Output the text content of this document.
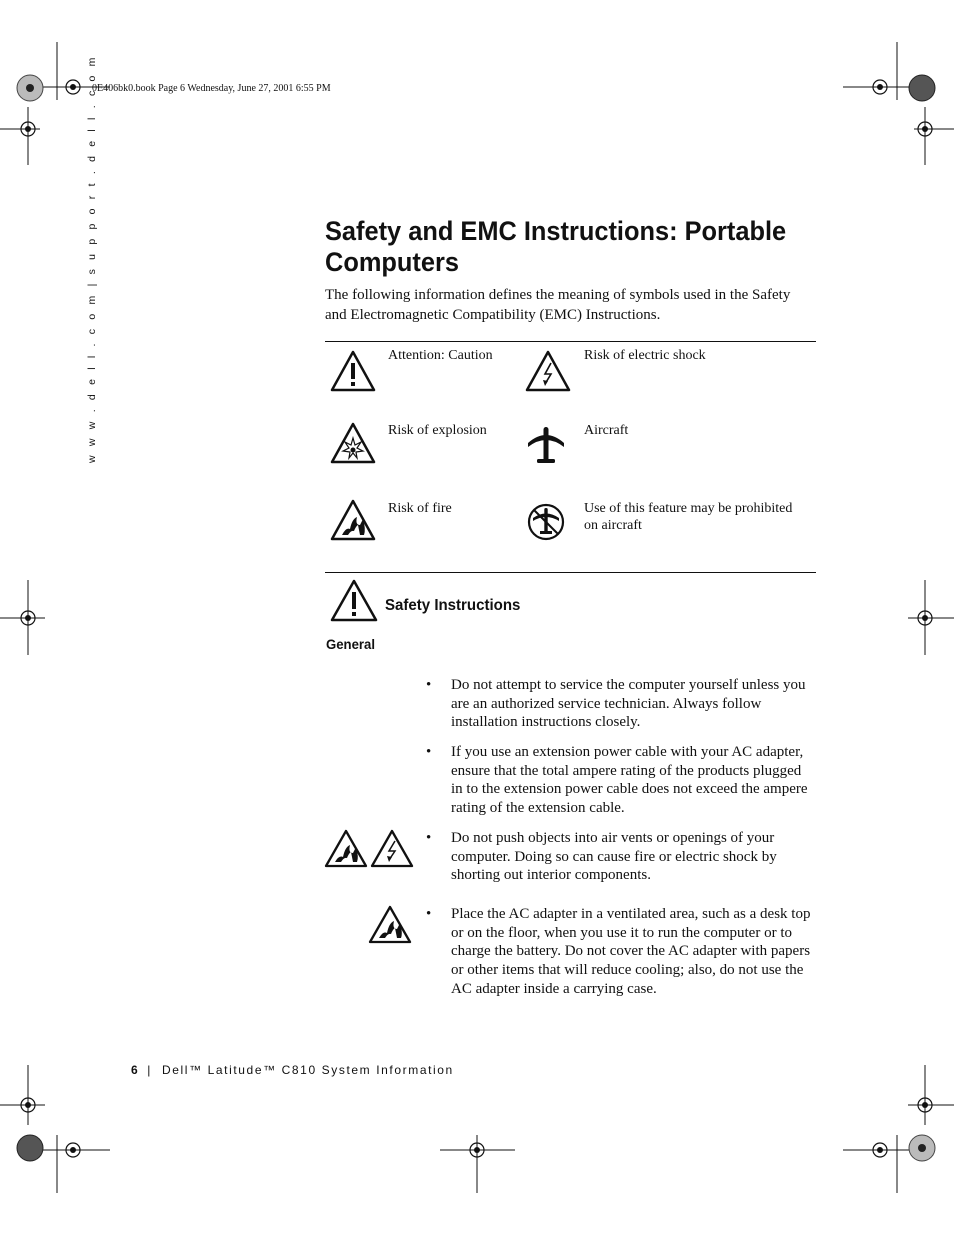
0E406bk0.book Page 6 Wednesday, June 27, 2001 6:55 PM
w w w . d e l l . c o m | s u p p o r t . d e l l . c o m	Safety and EMC Instructions: Portable
Computers
The following information defines the meaning of symbols used in the Safety and Electromagnetic Compatibility (EMC) Instructions.
Attention: Caution	Risk of electric shock
Risk of explosion	Aircraft
Risk of fire	Use of this feature may be prohibited on aircraft
Safety Instructions
General
• Do not attempt to service the computer yourself unless you are an authorized service technician. Always follow installation instructions closely.
• If you use an extension power cable with your AC adapter, ensure that the total ampere rating of the products plugged in to the extension power cable does not exceed the ampere rating of the extension cable.
• Do not push objects into air vents or openings of your computer. Doing so can cause fire or electric shock by shorting out interior components.
• Place the AC adapter in a ventilated area, such as a desk top or on the floor, when you use it to run the computer or to charge the battery. Do not cover the AC adapter with papers or other items that will reduce cooling; also, do not use the AC adapter inside a carrying case.
6 | Dell™ Latitude™ C810 System Information
